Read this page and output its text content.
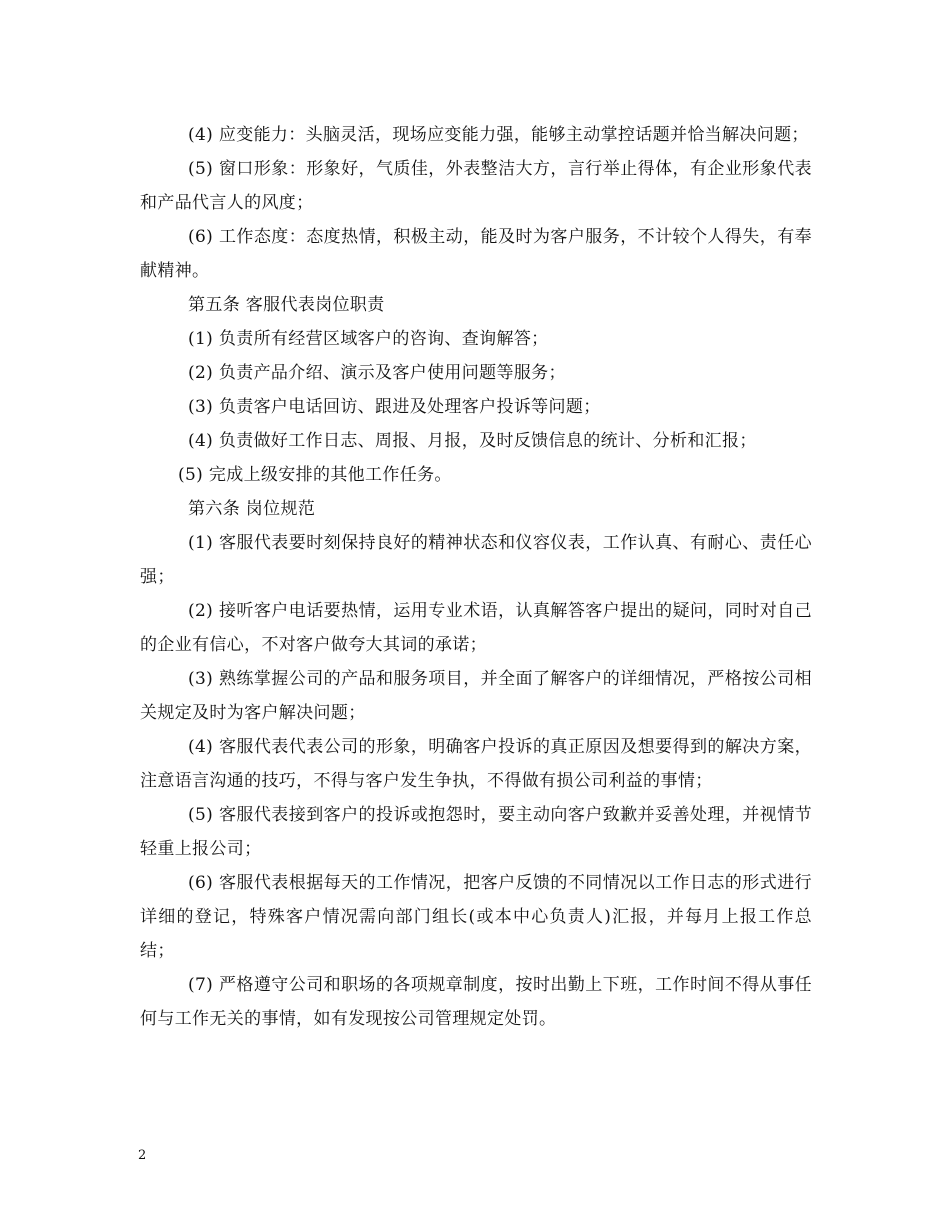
(4) 应变能力：头脑灵活，现场应变能力强，能够主动掌控话题并恰当解决问题；

(5) 窗口形象：形象好，气质佳，外表整洁大方，言行举止得体，有企业形象代表和产品代言人的风度；

(6) 工作态度：态度热情，积极主动，能及时为客户服务，不计较个人得失，有奉献精神。

第五条 客服代表岗位职责

(1) 负责所有经营区域客户的咨询、查询解答；

(2) 负责产品介绍、演示及客户使用问题等服务；

(3) 负责客户电话回访、跟进及处理客户投诉等问题；

(4) 负责做好工作日志、周报、月报，及时反馈信息的统计、分析和汇报；

(5) 完成上级安排的其他工作任务。

第六条 岗位规范

(1) 客服代表要时刻保持良好的精神状态和仪容仪表，工作认真、有耐心、责任心强；

(2) 接听客户电话要热情，运用专业术语，认真解答客户提出的疑问，同时对自己的企业有信心，不对客户做夸大其词的承诺；

(3) 熟练掌握公司的产品和服务项目，并全面了解客户的详细情况，严格按公司相关规定及时为客户解决问题；

(4) 客服代表代表公司的形象，明确客户投诉的真正原因及想要得到的解决方案，注意语言沟通的技巧，不得与客户发生争执，不得做有损公司利益的事情；

(5) 客服代表接到客户的投诉或抱怨时，要主动向客户致歉并妥善处理，并视情节轻重上报公司；

(6) 客服代表根据每天的工作情况，把客户反馈的不同情况以工作日志的形式进行详细的登记，特殊客户情况需向部门组长(或本中心负责人)汇报，并每月上报工作总结；

(7) 严格遵守公司和职场的各项规章制度，按时出勤上下班，工作时间不得从事任何与工作无关的事情，如有发现按公司管理规定处罚。

2
